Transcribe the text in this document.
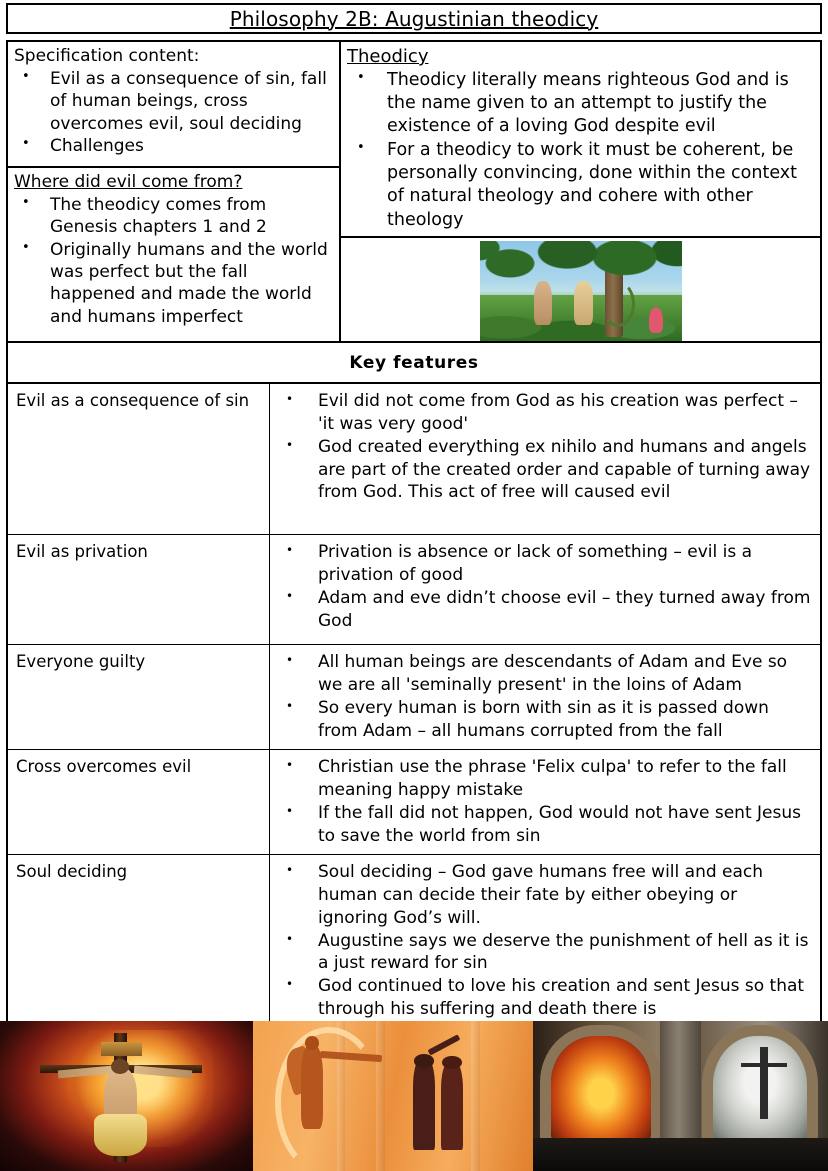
Philosophy 2B: Augustinian theodicy
Specification content:
• Evil as a consequence of sin, fall of human beings, cross overcomes evil, soul deciding
• Challenges
Where did evil come from?
• The theodicy comes from Genesis chapters 1 and 2
• Originally humans and the world was perfect but the fall happened and made the world and humans imperfect
Theodicy
• Theodicy literally means righteous God and is the name given to an attempt to justify the existence of a loving God despite evil
• For a theodicy to work it must be coherent, be personally convincing, done within the context of natural theology and cohere with other theology
Key features
Evil as a consequence of sin	• Evil did not come from God as his creation was perfect – 'it was very good'
• God created everything ex nihilo and humans and angels are part of the created order and capable of turning away from God. This act of free will caused evil
Evil as privation	• Privation is absence or lack of something – evil is a privation of good
• Adam and eve didn’t choose evil – they turned away from God
Everyone guilty	• All human beings are descendants of Adam and Eve so we are all 'seminally present' in the loins of Adam
• So every human is born with sin as it is passed down from Adam – all humans corrupted from the fall
Cross overcomes evil	• Christian use the phrase 'Felix culpa' to refer to the fall meaning happy mistake
• If the fall did not happen, God would not have sent Jesus to save the world from sin
Soul deciding	• Soul deciding – God gave humans free will and each human can decide their fate by either obeying or ignoring God’s will.
• Augustine says we deserve the punishment of hell as it is a just reward for sin
• God continued to love his creation and sent Jesus so that through his suffering and death there is
